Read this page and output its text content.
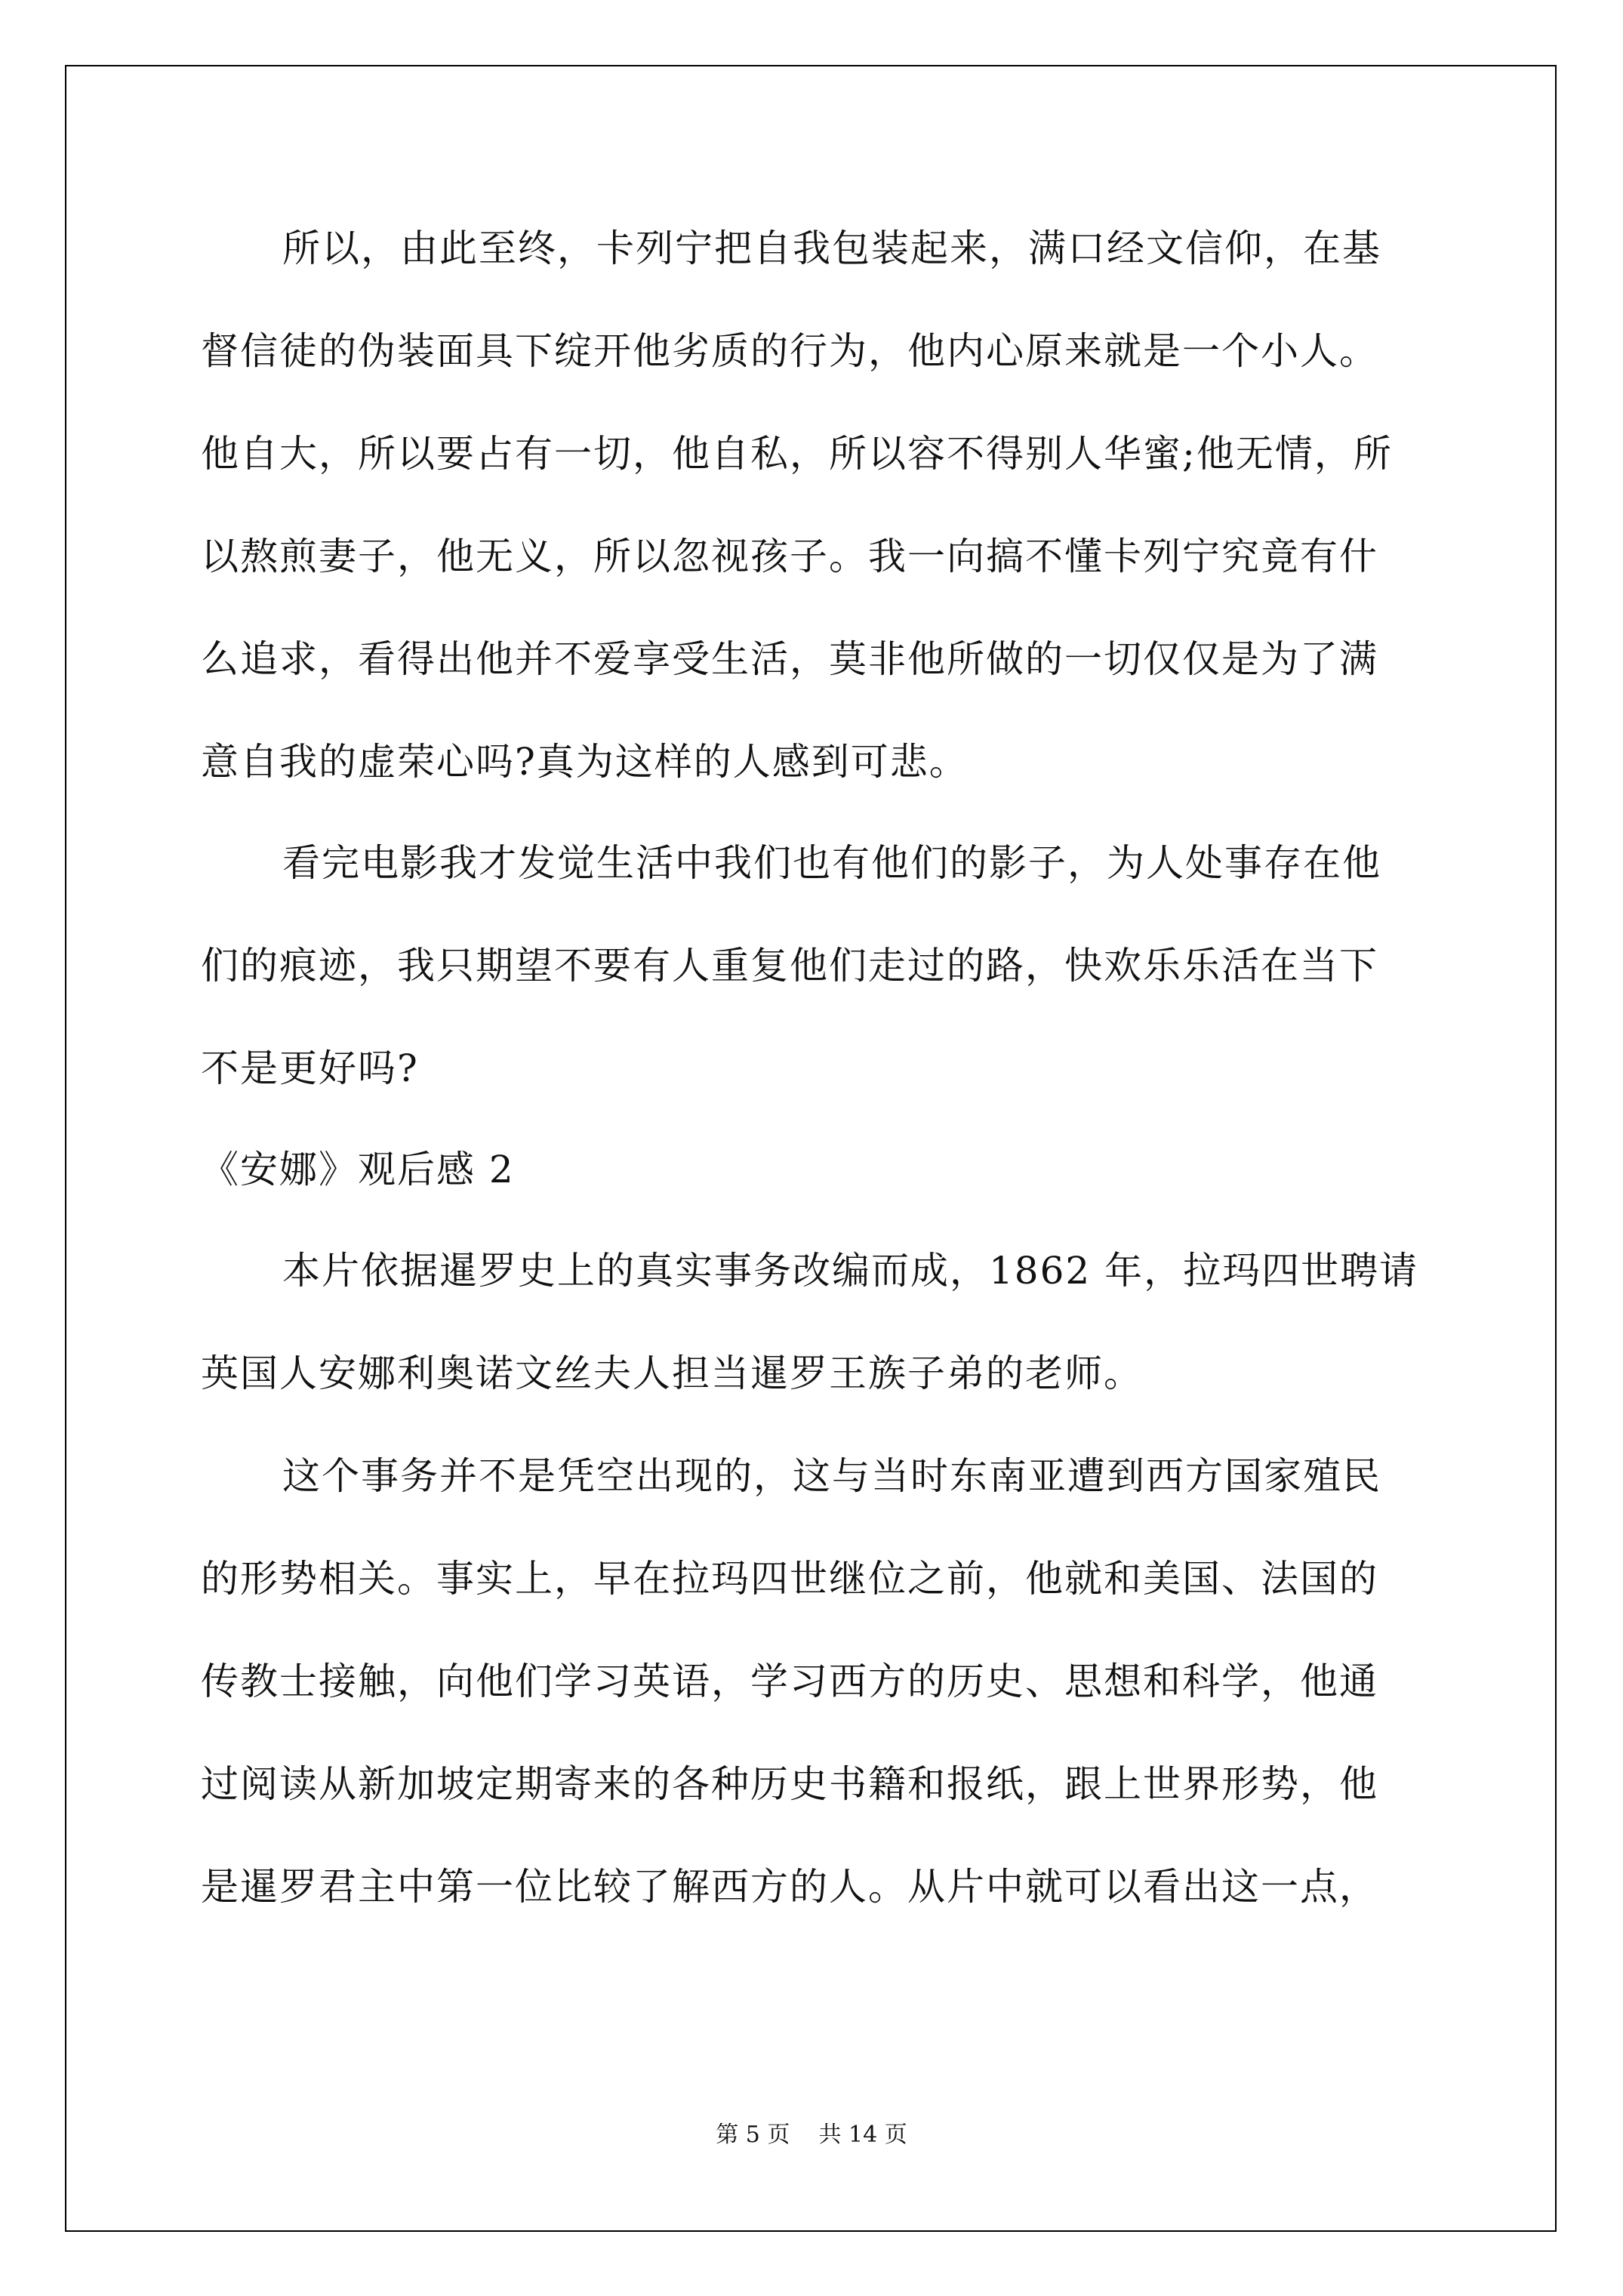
所以，由此至终，卡列宁把自我包装起来，满口经文信仰，在基
督信徒的伪装面具下绽开他劣质的行为，他内心原来就是一个小人。
他自大，所以要占有一切，他自私，所以容不得别人华蜜;他无情，所
以熬煎妻子，他无义，所以忽视孩子。我一向搞不懂卡列宁究竟有什
么追求，看得出他并不爱享受生活，莫非他所做的一切仅仅是为了满
意自我的虚荣心吗?真为这样的人感到可悲。
看完电影我才发觉生活中我们也有他们的影子，为人处事存在他
们的痕迹，我只期望不要有人重复他们走过的路，快欢乐乐活在当下
不是更好吗?
《安娜》观后感 2
本片依据暹罗史上的真实事务改编而成，1862 年，拉玛四世聘请
英国人安娜利奥诺文丝夫人担当暹罗王族子弟的老师。
这个事务并不是凭空出现的，这与当时东南亚遭到西方国家殖民
的形势相关。事实上，早在拉玛四世继位之前，他就和美国、法国的
传教士接触，向他们学习英语，学习西方的历史、思想和科学，他通
过阅读从新加坡定期寄来的各种历史书籍和报纸，跟上世界形势，他
是暹罗君主中第一位比较了解西方的人。从片中就可以看出这一点，
第 5 页    共 14 页
